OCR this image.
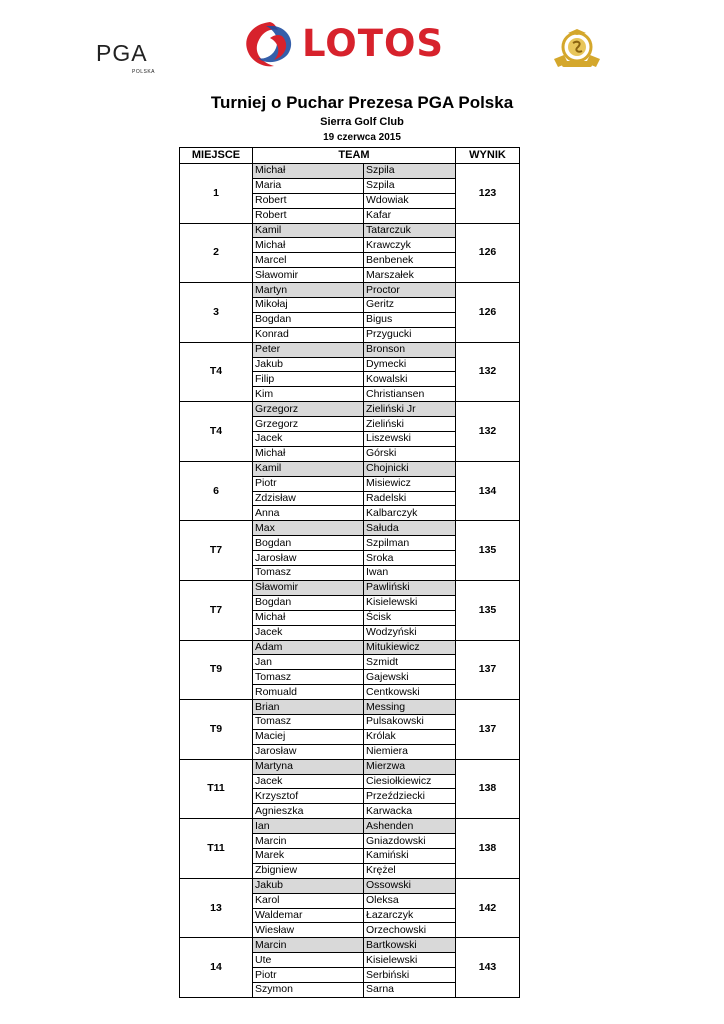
PGA
POLSKA
LOTOS
Turniej o Puchar Prezesa PGA Polska
Sierra Golf Club
19 czerwca 2015
MIEJSCE	TEAM		WYNIK
1	Michał	Szpila	123
	Maria	Szpila	
	Robert	Wdowiak	
	Robert	Kafar	
2	Kamil	Tatarczuk	126
	Michał	Krawczyk	
	Marcel	Benbenek	
	Sławomir	Marszałek	
3	Martyn	Proctor	126
	Mikołaj	Geritz	
	Bogdan	Bigus	
	Konrad	Przygucki	
T4	Peter	Bronson	132
	Jakub	Dymecki	
	Filip	Kowalski	
	Kim	Christiansen	
T4	Grzegorz	Zieliński Jr	132
	Grzegorz	Zieliński	
	Jacek	Liszewski	
	Michał	Górski	
6	Kamil	Chojnicki	134
	Piotr	Misiewicz	
	Zdzisław	Radelski	
	Anna	Kalbarczyk	
T7	Max	Sałuda	135
	Bogdan	Szpilman	
	Jarosław	Sroka	
	Tomasz	Iwan	
T7	Sławomir	Pawliński	135
	Bogdan	Kisielewski	
	Michał	Ścisk	
	Jacek	Wodzyński	
T9	Adam	Mitukiewicz	137
	Jan	Szmidt	
	Tomasz	Gajewski	
	Romuald	Centkowski	
T9	Brian	Messing	137
	Tomasz	Pulsakowski	
	Maciej	Królak	
	Jarosław	Niemiera	
T11	Martyna	Mierzwa	138
	Jacek	Ciesiołkiewicz	
	Krzysztof	Przeździecki	
	Agnieszka	Karwacka	
T11	Ian	Ashenden	138
	Marcin	Gniazdowski	
	Marek	Kamiński	
	Zbigniew	Krężel	
13	Jakub	Ossowski	142
	Karol	Oleksa	
	Waldemar	Łazarczyk	
	Wiesław	Orzechowski	
14	Marcin	Bartkowski	143
	Ute	Kisielewski	
	Piotr	Serbiński	
	Szymon	Sarna	
